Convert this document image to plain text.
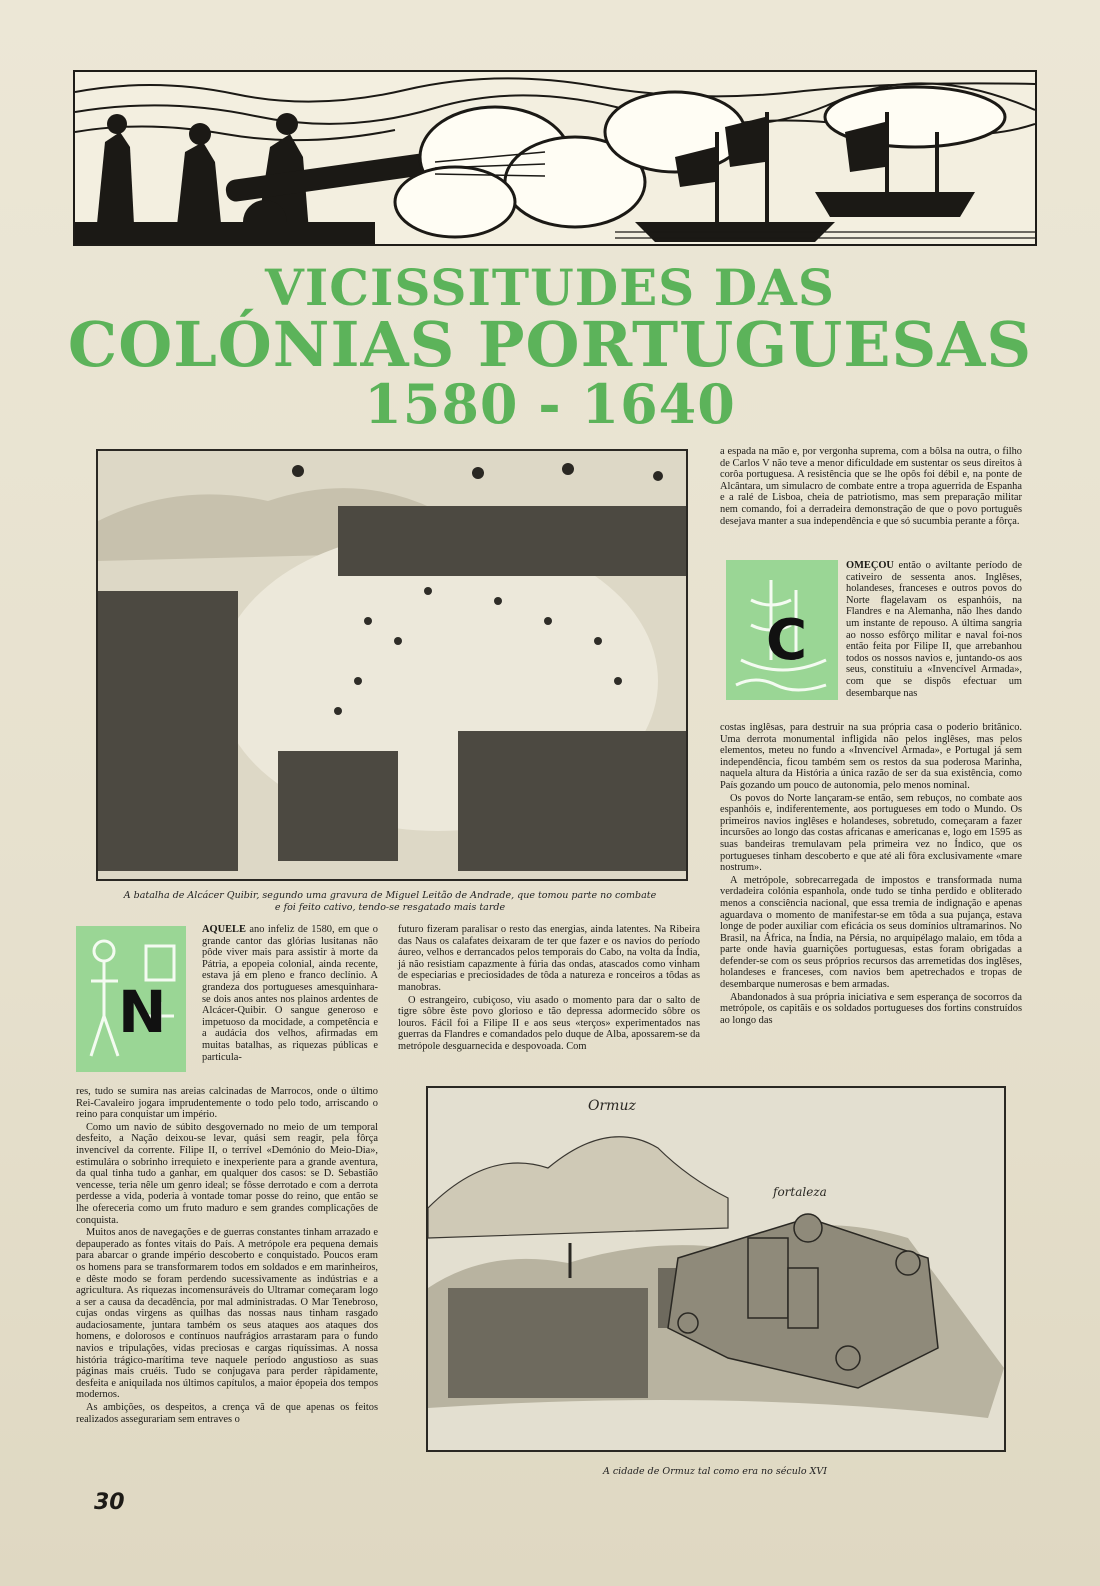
VICISSITUDES DAS
COLÓNIAS PORTUGUESAS
1580 - 1640
A batalha de Alcácer Quibir, segundo uma gravura de Miguel Leitão de Andrade, que tomou parte no combate e foi feito cativo, tendo-se resgatado mais tarde

a espada na mão e, por vergonha suprema, com a bôlsa na outra, o filho de Carlos V não teve a menor dificuldade em sustentar os seus direitos à corôa portuguesa. A resistência que se lhe opôs foi débil e, na ponte de Alcântara, um simulacro de combate entre a tropa aguerrida de Espanha e a ralé de Lisboa, cheia de patriotismo, mas sem preparação militar nem comando, foi a derradeira demonstração de que o povo português desejava manter a sua independência e que só sucumbia perante a fôrça.

C

OMEÇOU então o aviltante período de cativeiro de sessenta anos. Inglêses, holandeses, franceses e outros povos do Norte flagelavam os espanhóis, na Flandres e na Alemanha, não lhes dando um instante de repouso. A última sangria ao nosso esfôrço militar e naval foi-nos então feita por Filipe II, que arrebanhou todos os nossos navios e, juntando-os aos seus, constituiu a «Invencível Armada», com que se dispôs efectuar um desembarque nas

costas inglêsas, para destruir na sua própria casa o poderio britânico. Uma derrota monumental infligida não pelos inglêses, mas pelos elementos, meteu no fundo a «Invencível Armada», e Portugal já sem independência, ficou também sem os restos da sua poderosa Marinha, naquela altura da História a única razão de ser da sua existência, como País gozando um pouco de autonomia, pelo menos nominal.

Os povos do Norte lançaram-se então, sem rebuços, no combate aos espanhóis e, indiferentemente, aos portugueses em todo o Mundo. Os primeiros navios inglêses e holandeses, sobretudo, começaram a fazer incursões ao longo das costas africanas e americanas e, logo em 1595 as suas bandeiras tremulavam pela primeira vez no Índico, que os portugueses tinham descoberto e que até ali fôra exclusivamente «mare nostrum».

A metrópole, sobrecarregada de impostos e transformada numa verdadeira colónia espanhola, onde tudo se tinha perdido e obliterado menos a consciência nacional, que essa tremia de indignação e apenas aguardava o momento de manifestar-se em tôda a sua pujança, estava longe de poder auxiliar com eficácia os seus domínios ultramarinos. No Brasil, na África, na Índia, na Pérsia, no arquipélago malaio, em tôda a parte onde havia guarnições portuguesas, estas foram obrigadas a defender-se com os seus próprios recursos das arremetidas dos inglêses, holandeses e franceses, com navios bem apetrechados e tropas de desembarque numerosas e bem armadas.

Abandonados à sua própria iniciativa e sem esperança de socorros da metrópole, os capitãis e os soldados portugueses dos fortins construídos ao longo das

N

AQUELE ano infeliz de 1580, em que o grande cantor das glórias lusitanas não pôde viver mais para assistir à morte da Pátria, a epopeia colonial, ainda recente, estava já em pleno e franco declínio. A grandeza dos portugueses amesquinhara-se dois anos antes nos plainos ardentes de Alcácer-Quibir. O sangue generoso e impetuoso da mocidade, a competência e a audácia dos velhos, afirmadas em muitas batalhas, as riquezas públicas e particula-

res, tudo se sumira nas areias calcinadas de Marrocos, onde o último Rei-Cavaleiro jogara imprudentemente o todo pelo todo, arriscando o reino para conquistar um império.

Como um navio de súbito desgovernado no meio de um temporal desfeito, a Nação deixou-se levar, quási sem reagir, pela fôrça invencível da corrente. Filipe II, o terrível «Demónio do Meio-Dia», estimulára o sobrinho irrequieto e inexperiente para a grande aventura, da qual tinha tudo a ganhar, em qualquer dos casos: se D. Sebastião vencesse, teria nêle um genro ideal; se fôsse derrotado e com a derrota perdesse a vida, poderia à vontade tomar posse do reino, que então se lhe ofereceria como um fruto maduro e sem grandes complicações de conquista.

Muitos anos de navegações e de guerras constantes tinham arrazado e depauperado as fontes vitais do País. A metrópole era pequena demais para abarcar o grande império descoberto e conquistado. Poucos eram os homens para se transformarem todos em soldados e em marinheiros, e dêste modo se foram perdendo sucessivamente as indústrias e a agricultura. As riquezas incomensuráveis do Ultramar começaram logo a ser a causa da decadência, por mal administradas. O Mar Tenebroso, cujas ondas virgens as quilhas das nossas naus tinham rasgado audaciosamente, juntara também os seus ataques aos ataques dos homens, e dolorosos e contínuos naufrágios arrastaram para o fundo navios e tripulações, vidas preciosas e cargas riquíssimas. A nossa história trágico-marítima teve naquele período angustioso as suas páginas mais cruéis. Tudo se conjugava para perder ràpidamente, desfeita e aniquilada nos últimos capítulos, a maior épopeia dos tempos modernos.

As ambições, os despeitos, a crença vã de que apenas os feitos realizados assegurariam sem entraves o

futuro fizeram paralisar o resto das energias, ainda latentes. Na Ribeira das Naus os calafates deixaram de ter que fazer e os navios do período áureo, velhos e derrancados pelos temporais do Cabo, na volta da Índia, já não resistiam capazmente à fúria das ondas, atascados como vinham de especiarias e preciosidades de tôda a natureza e ronceiros a tôdas as manobras.

O estrangeiro, cubiçoso, viu asado o momento para dar o salto de tigre sôbre êste povo glorioso e tão depressa adormecido sôbre os louros. Fácil foi a Filipe II e aos seus «terços» experimentados nas guerras da Flandres e comandados pelo duque de Alba, apossarem-se da metrópole desguarnecida e despovoada. Com

Ormuz
fortaleza
A cidade de Ormuz tal como era no século XVI
30
